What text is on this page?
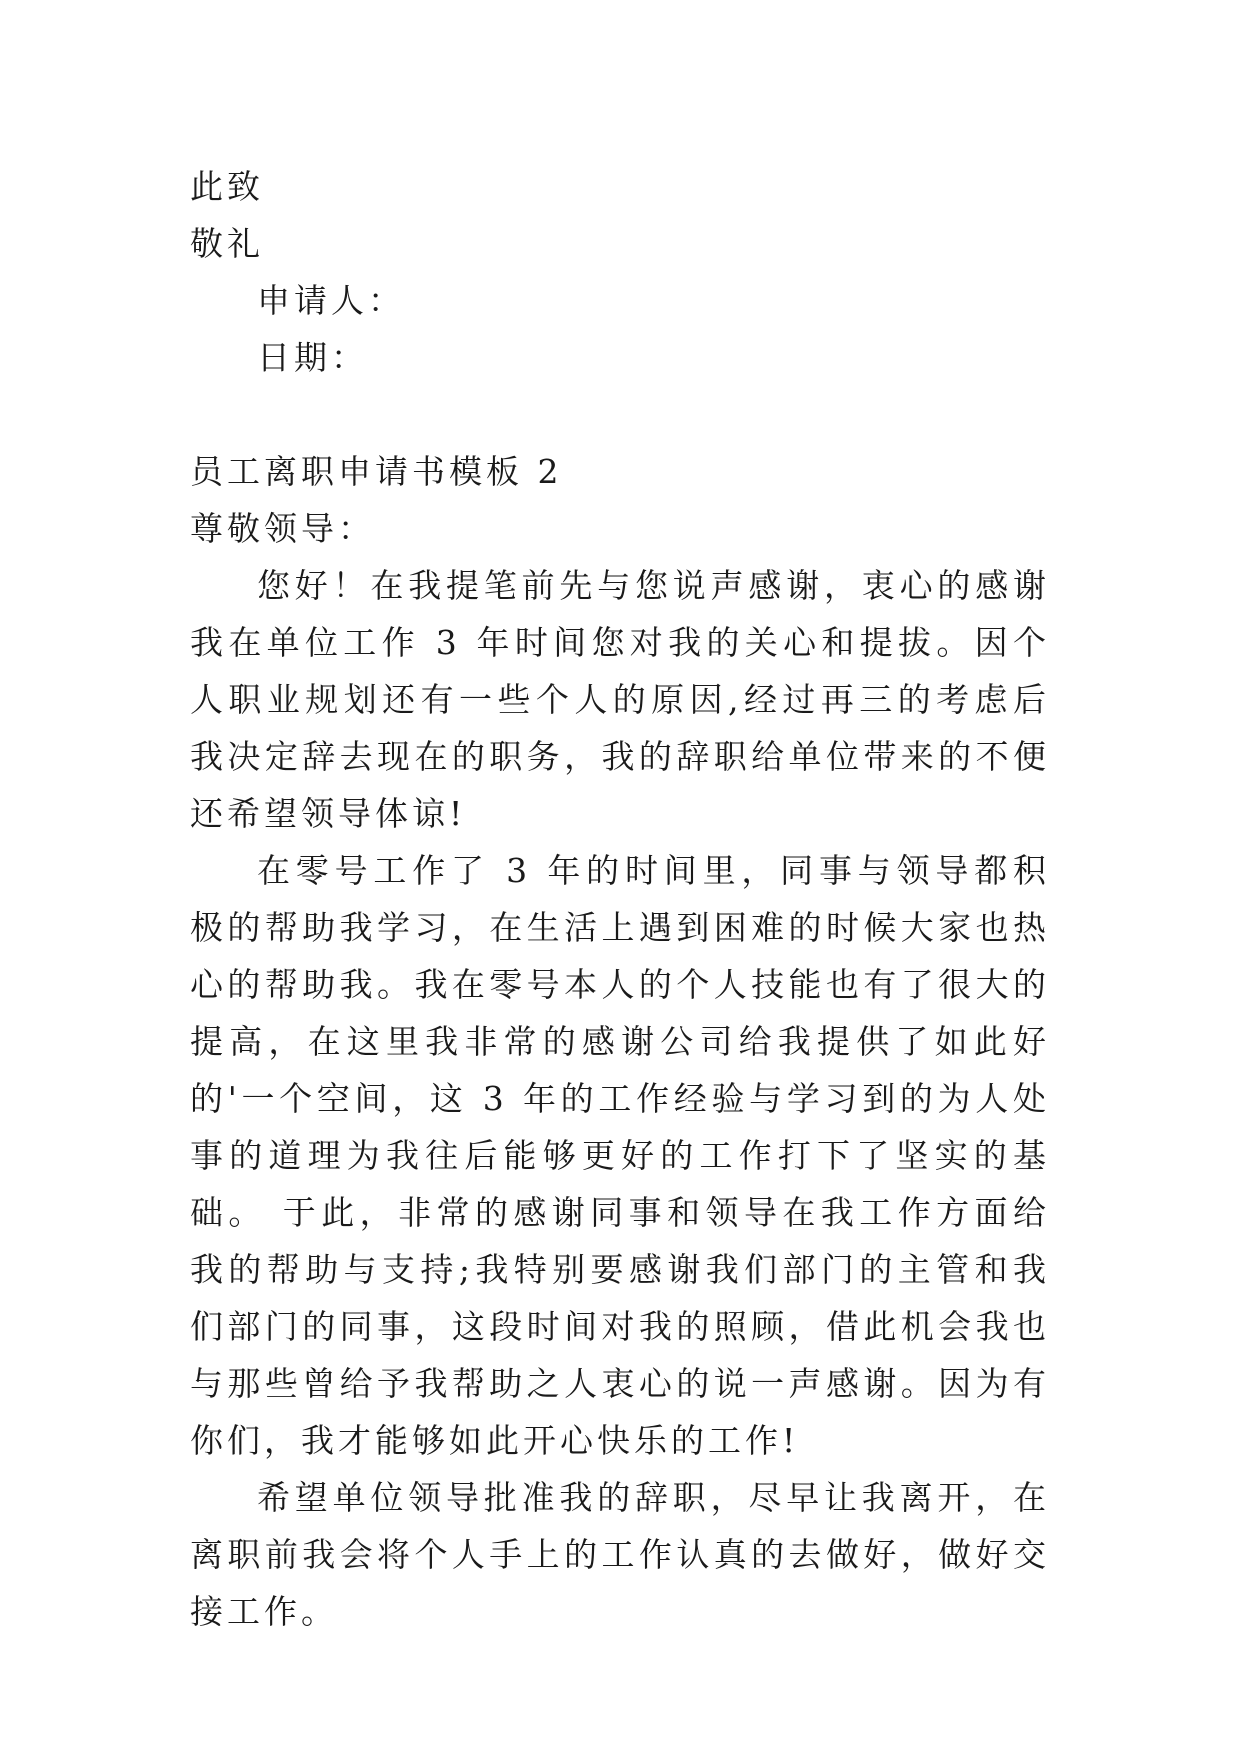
此致

敬礼

申请人：

日期：

员工离职申请书模板 2

尊敬领导：

您好！在我提笔前先与您说声感谢，衷心的感谢我在单位工作 3 年时间您对我的关心和提拔。因个人职业规划还有一些个人的原因,经过再三的考虑后我决定辞去现在的职务，我的辞职给单位带来的不便还希望领导体谅!

在零号工作了 3 年的时间里，同事与领导都积极的帮助我学习，在生活上遇到困难的时候大家也热心的帮助我。我在零号本人的个人技能也有了很大的提高，在这里我非常的感谢公司给我提供了如此好的'一个空间，这 3 年的工作经验与学习到的为人处事的道理为我往后能够更好的工作打下了坚实的基础。 于此，非常的感谢同事和领导在我工作方面给我的帮助与支持;我特别要感谢我们部门的主管和我们部门的同事，这段时间对我的照顾，借此机会我也与那些曾给予我帮助之人衷心的说一声感谢。因为有你们，我才能够如此开心快乐的工作!

希望单位领导批准我的辞职，尽早让我离开，在离职前我会将个人手上的工作认真的去做好，做好交接工作。
